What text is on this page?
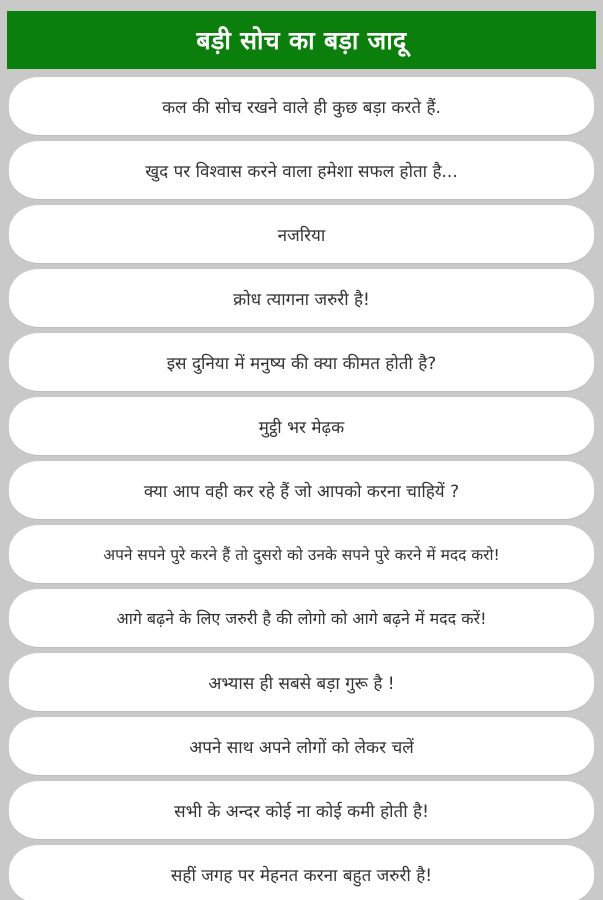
बड़ी सोच का बड़ा जादू
कल की सोच रखने वाले ही कुछ बड़ा करते हैं.
खुद पर विश्वास करने वाला हमेशा सफल होता है...
नजरिया
क्रोध त्यागना जरुरी है!
इस दुनिया में मनुष्य की क्या कीमत होती है?
मुट्ठी भर मेढ़क
क्या आप वही कर रहे हैं जो आपको करना चाहियें ?
अपने सपने पुरे करने हैं तो दुसरो को उनके सपने पुरे करने में मदद करो!
आगे बढ़ने के लिए जरुरी है की लोगो को आगे बढ़ने में मदद करें!
अभ्यास ही सबसे बड़ा गुरू है !
अपने साथ अपने लोगों को लेकर चलें
सभी के अन्दर कोई ना कोई कमी होती है!
सहीं जगह पर मेहनत करना बहुत जरुरी है!
